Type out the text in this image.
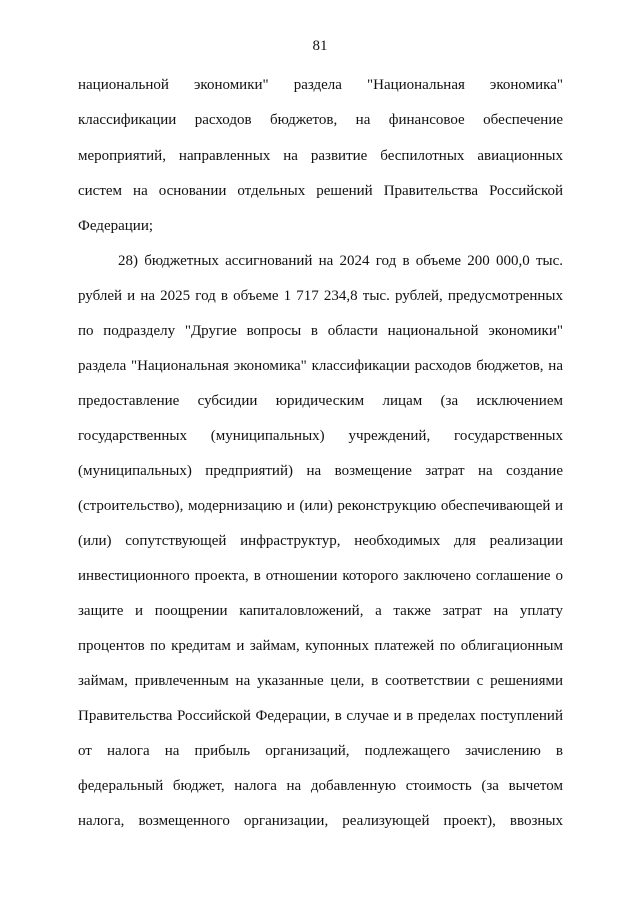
81
национальной экономики" раздела "Национальная экономика"
классификации расходов бюджетов, на финансовое обеспечение
мероприятий, направленных на развитие беспилотных авиационных
систем на основании отдельных решений Правительства Российской
Федерации;
28) бюджетных ассигнований на 2024 год в объеме 200 000,0 тыс.
рублей и на 2025 год в объеме 1 717 234,8 тыс. рублей, предусмотренных
по подразделу "Другие вопросы в области национальной экономики"
раздела "Национальная экономика" классификации расходов бюджетов, на
предоставление субсидии юридическим лицам (за исключением
государственных (муниципальных) учреждений, государственных
(муниципальных) предприятий) на возмещение затрат на создание
(строительство), модернизацию и (или) реконструкцию обеспечивающей и
(или) сопутствующей инфраструктур, необходимых для реализации
инвестиционного проекта, в отношении которого заключено соглашение о
защите и поощрении капиталовложений, а также затрат на уплату
процентов по кредитам и займам, купонных платежей по облигационным
займам, привлеченным на указанные цели, в соответствии с решениями
Правительства Российской Федерации, в случае и в пределах поступлений
от налога на прибыль организаций, подлежащего зачислению в
федеральный бюджет, налога на добавленную стоимость (за вычетом
налога, возмещенного организации, реализующей проект), ввозных
